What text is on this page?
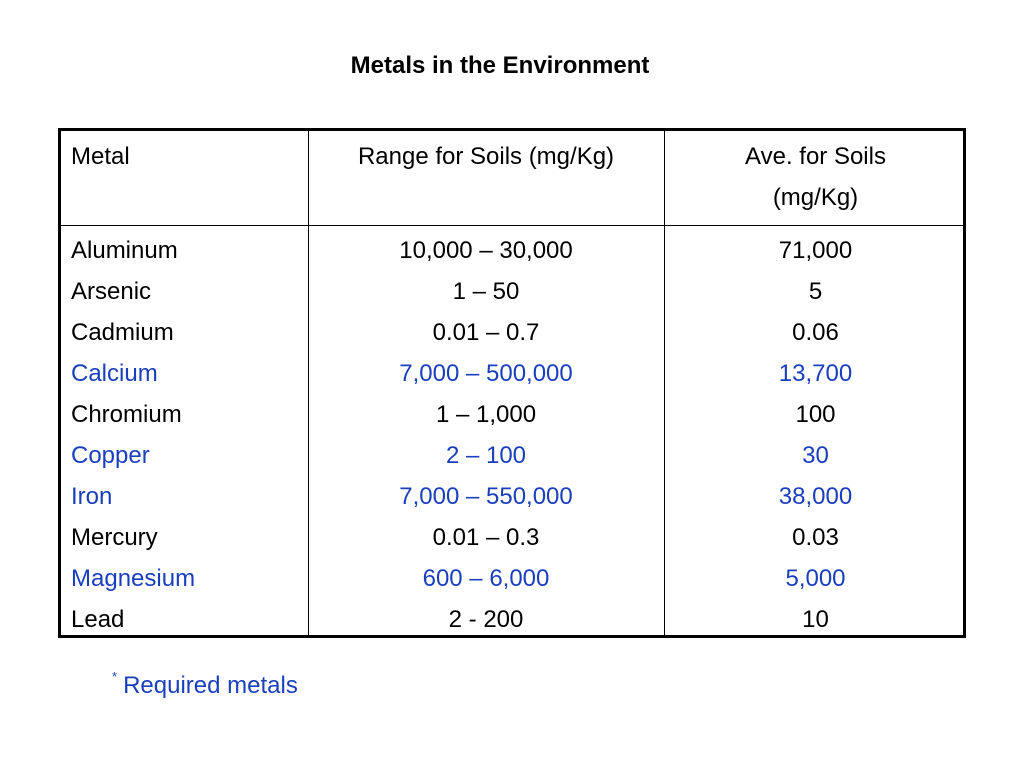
Metals in the Environment
Metal	Range for Soils (mg/Kg)	Ave. for Soils
(mg/Kg)
Aluminum	10,000 – 30,000	71,000
Arsenic	1 – 50	5
Cadmium	0.01 – 0.7	0.06
Calcium	7,000 – 500,000	13,700
Chromium	1 – 1,000	100
Copper	2 – 100	30
Iron	7,000 – 550,000	38,000
Mercury	0.01 – 0.3	0.03
Magnesium	600 – 6,000	5,000
Lead	2 - 200	10
* Required metals
